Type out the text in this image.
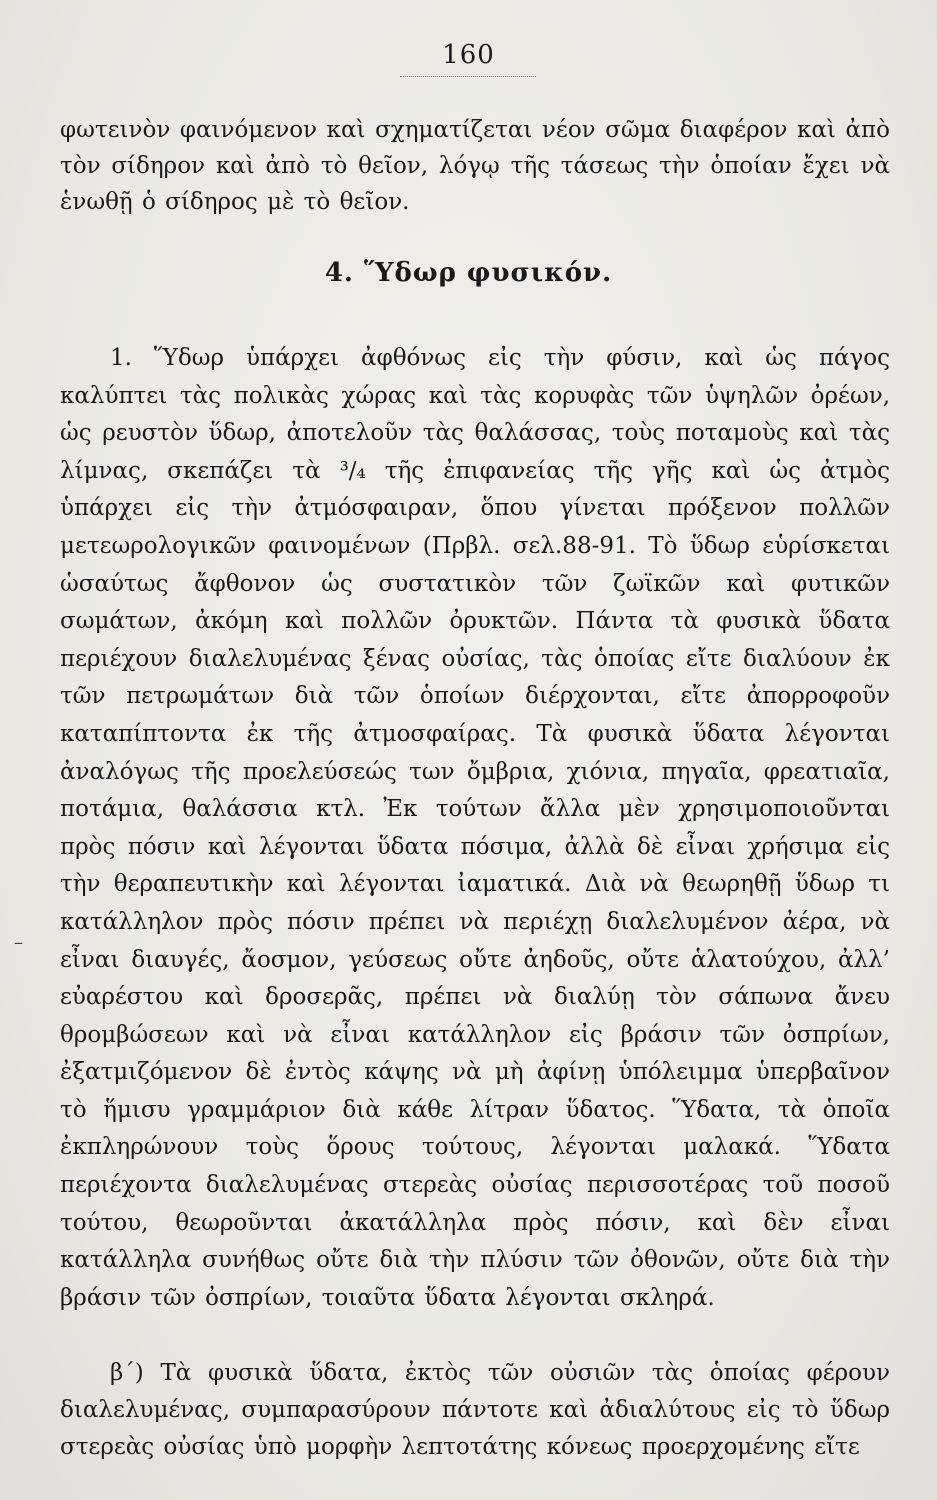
160
φωτεινὸν φαινόμενον καὶ σχηματίζεται νέον σῶμα διαφέρον καὶ ἀπὸ τὸν σίδηρον καὶ ἀπὸ τὸ θεῖον, λόγῳ τῆς τάσεως τὴν ὁποίαν ἔχει νὰ ἑνωθῇ ὁ σίδηρος μὲ τὸ θεῖον.
4. Ὕδωρ φυσικόν.
1. Ὕδωρ ὑπάρχει ἀφθόνως εἰς τὴν φύσιν, καὶ ὡς πάγος καλύπτει τὰς πολικὰς χώρας καὶ τὰς κορυφὰς τῶν ὑψηλῶν ὀρέων, ὡς ρευστὸν ὕδωρ, ἀποτελοῦν τὰς θαλάσσας, τοὺς ποταμοὺς καὶ τὰς λίμνας, σκεπάζει τὰ ³/₄ τῆς ἐπιφανείας τῆς γῆς καὶ ὡς ἀτμὸς ὑπάρχει εἰς τὴν ἀτμόσφαιραν, ὅπου γίνεται πρόξενον πολλῶν μετεωρολογικῶν φαινομένων (Πρβλ. σελ.88-91. Τὸ ὕδωρ εὑρίσκεται ὡσαύτως ἄφθονον ὡς συστατικὸν τῶν ζωϊκῶν καὶ φυτικῶν σωμάτων, ἀκόμη καὶ πολλῶν ὀρυκτῶν. Πάντα τὰ φυσικὰ ὕδατα περιέχουν διαλελυμένας ξένας οὐσίας, τὰς ὁποίας εἴτε διαλύουν ἐκ τῶν πετρωμάτων διὰ τῶν ὁποίων διέρχονται, εἴτε ἀπορροφοῦν καταπίπτοντα ἐκ τῆς ἀτμοσφαίρας. Τὰ φυσικὰ ὕδατα λέγονται ἀναλόγως τῆς προελεύσεώς των ὄμβρια, χιόνια, πηγαῖα, φρεατιαῖα, ποτάμια, θαλάσσια κτλ. Ἐκ τούτων ἄλλα μὲν χρησιμοποιοῦνται πρὸς πόσιν καὶ λέγονται ὕδατα πόσιμα, ἀλλὰ δὲ εἶναι χρήσιμα εἰς τὴν θεραπευτικὴν καὶ λέγονται ἰαματικά. Διὰ νὰ θεωρηθῇ ὕδωρ τι κατάλληλον πρὸς πόσιν πρέπει νὰ περιέχῃ διαλελυμένον ἀέρα, νὰ εἶναι διαυγές, ἄοσμον, γεύσεως οὔτε ἀηδοῦς, οὔτε ἁλατούχου, ἀλλ’ εὐαρέστου καὶ δροσερᾶς, πρέπει νὰ διαλύῃ τὸν σάπωνα ἄνευ θρομβώσεων καὶ νὰ εἶναι κατάλληλον εἰς βράσιν τῶν ὀσπρίων, ἐξατμιζόμενον δὲ ἐντὸς κάψης νὰ μὴ ἀφίνῃ ὑπόλειμμα ὑπερβαῖνον τὸ ἥμισυ γραμμάριον διὰ κάθε λίτραν ὕδατος. Ὕδατα, τὰ ὁποῖα ἐκπληρώνουν τοὺς ὅρους τούτους, λέγονται μαλακά. Ὕδατα περιέχοντα διαλελυμένας στερεὰς οὐσίας περισσοτέρας τοῦ ποσοῦ τούτου, θεωροῦνται ἀκατάλληλα πρὸς πόσιν, καὶ δὲν εἶναι κατάλληλα συνήθως οὔτε διὰ τὴν πλύσιν τῶν ὀθονῶν, οὔτε διὰ τὴν βράσιν τῶν ὀσπρίων, τοιαῦτα ὕδατα λέγονται σκληρά.
–
β΄) Τὰ φυσικὰ ὕδατα, ἐκτὸς τῶν οὐσιῶν τὰς ὁποίας φέρουν διαλελυμένας, συμπαρασύρουν πάντοτε καὶ ἀδιαλύτους εἰς τὸ ὕδωρ στερεὰς οὐσίας ὑπὸ μορφὴν λεπτοτάτης κόνεως προερχομένης εἴτε
